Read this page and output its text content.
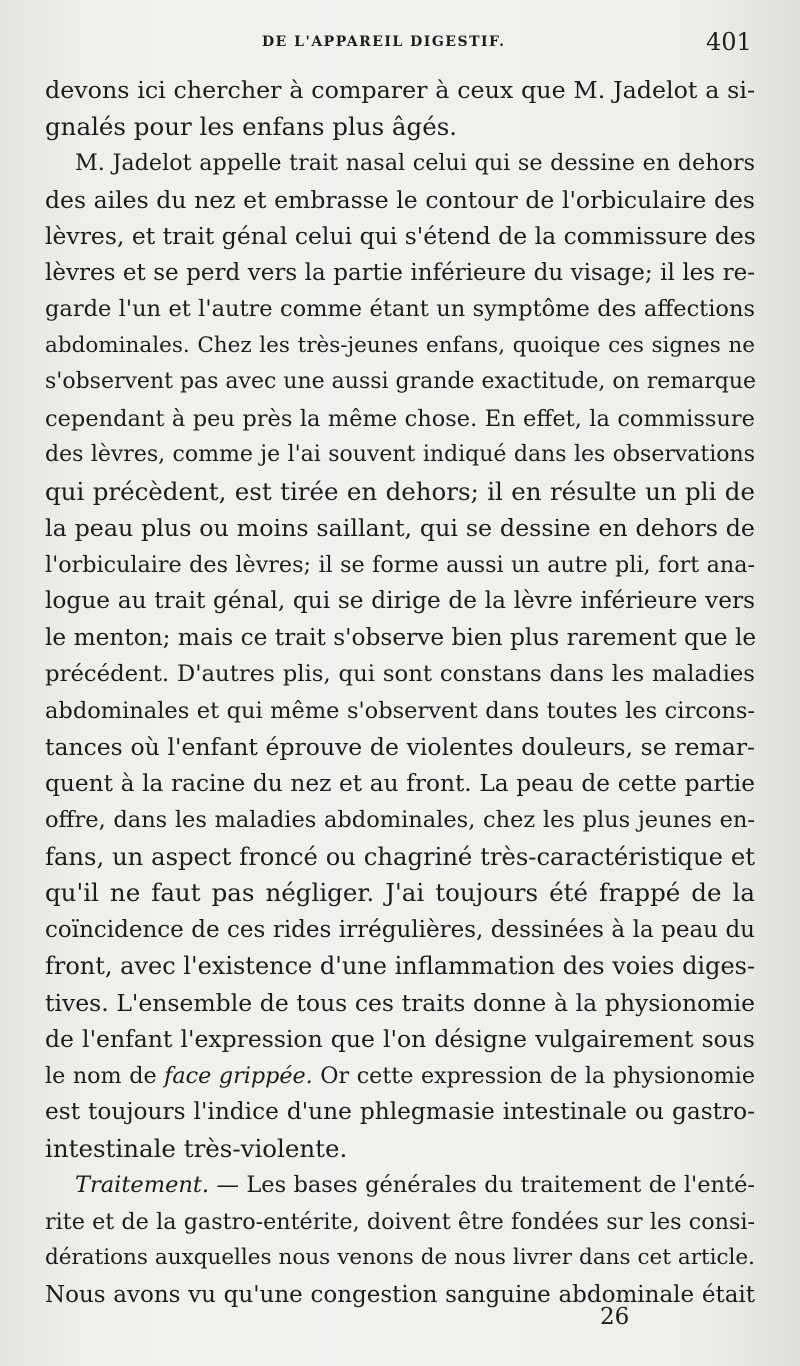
DE L'APPAREIL DIGESTIF.	401
devons ici chercher à comparer à ceux que M. Jadelot a si-
gnalés pour les enfans plus âgés.
M. Jadelot appelle trait nasal celui qui se dessine en dehors
des ailes du nez et embrasse le contour de l'orbiculaire des
lèvres, et trait génal celui qui s'étend de la commissure des
lèvres et se perd vers la partie inférieure du visage; il les re-
garde l'un et l'autre comme étant un symptôme des affections
abdominales. Chez les très-jeunes enfans, quoique ces signes ne
s'observent pas avec une aussi grande exactitude, on remarque
cependant à peu près la même chose. En effet, la commissure
des lèvres, comme je l'ai souvent indiqué dans les observations
qui précèdent, est tirée en dehors; il en résulte un pli de
la peau plus ou moins saillant, qui se dessine en dehors de
l'orbiculaire des lèvres; il se forme aussi un autre pli, fort ana-
logue au trait génal, qui se dirige de la lèvre inférieure vers
le menton; mais ce trait s'observe bien plus rarement que le
précédent. D'autres plis, qui sont constans dans les maladies
abdominales et qui même s'observent dans toutes les circons-
tances où l'enfant éprouve de violentes douleurs, se remar-
quent à la racine du nez et au front. La peau de cette partie
offre, dans les maladies abdominales, chez les plus jeunes en-
fans, un aspect froncé ou chagriné très-caractéristique et
qu'il ne faut pas négliger. J'ai toujours été frappé de la
coïncidence de ces rides irrégulières, dessinées à la peau du
front, avec l'existence d'une inflammation des voies diges-
tives. L'ensemble de tous ces traits donne à la physionomie
de l'enfant l'expression que l'on désigne vulgairement sous
le nom de face grippée. Or cette expression de la physionomie
est toujours l'indice d'une phlegmasie intestinale ou gastro-
intestinale très-violente.
Traitement. — Les bases générales du traitement de l'enté-
rite et de la gastro-entérite, doivent être fondées sur les consi-
dérations auxquelles nous venons de nous livrer dans cet article.
Nous avons vu qu'une congestion sanguine abdominale était
26
